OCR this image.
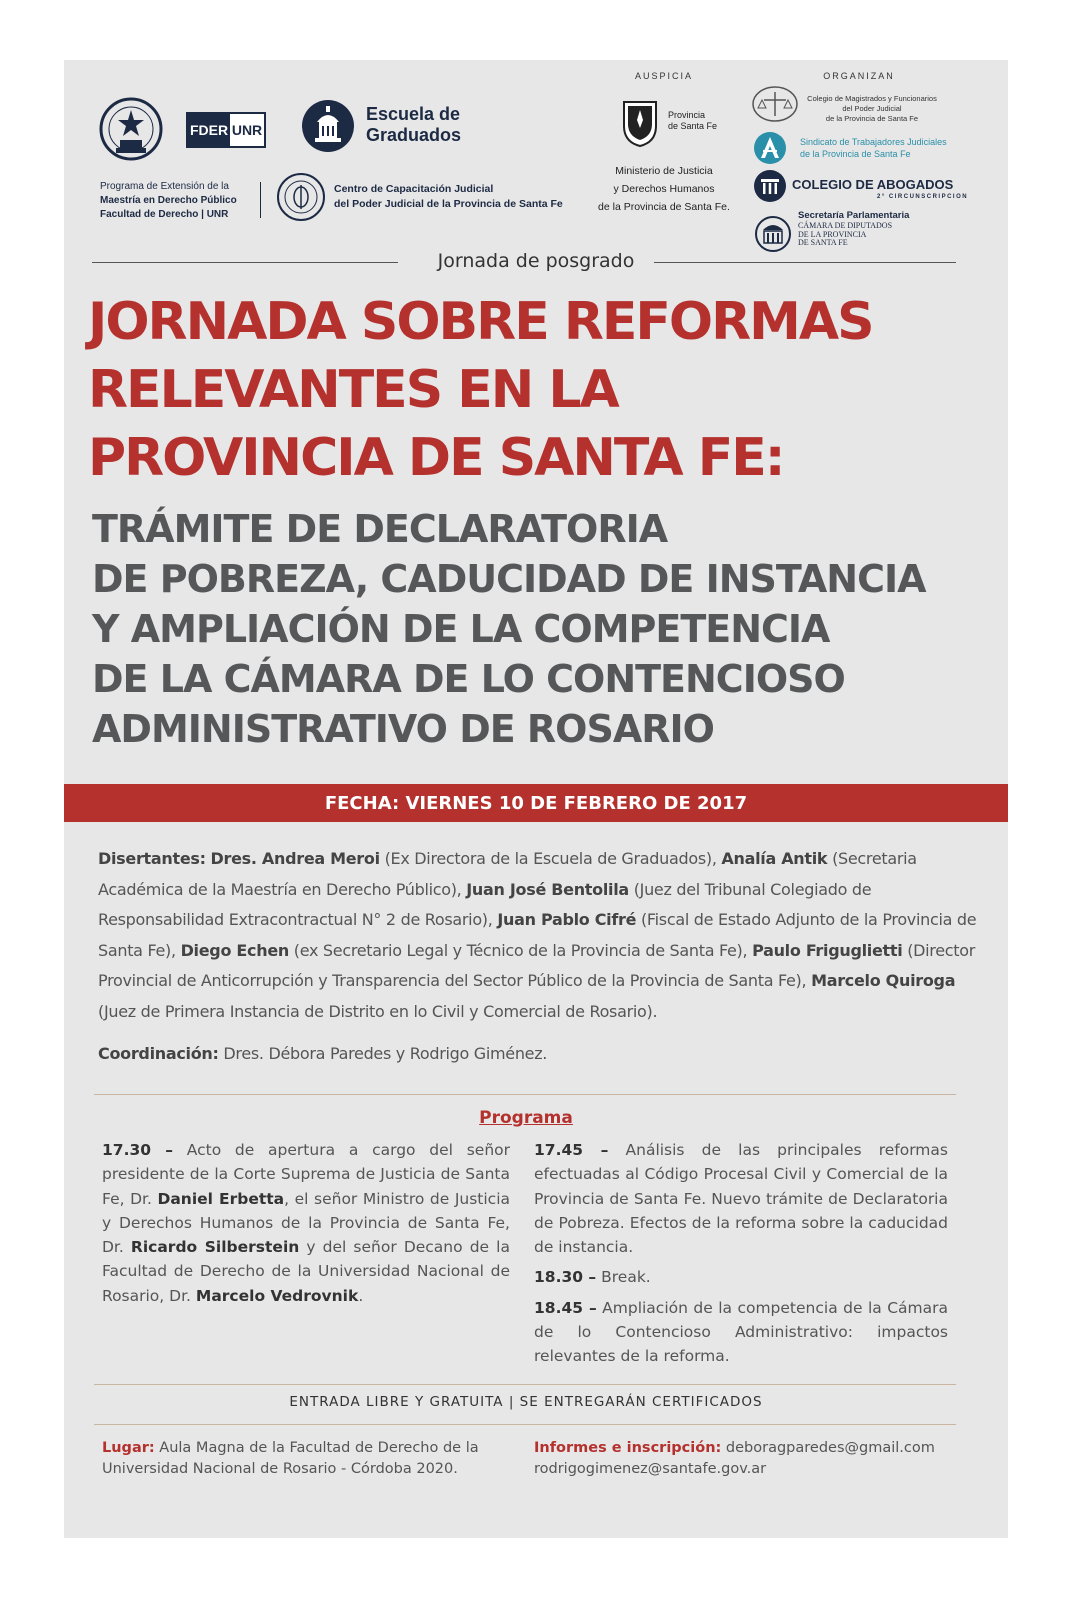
FDER UNR
Escuela de
Graduados
Programa de Extensión de la
Maestría en Derecho Público
Facultad de Derecho | UNR
Centro de Capacitación Judicial
del Poder Judicial de la Provincia de Santa Fe
AUSPICIA
Provincia
de Santa Fe
Ministerio de Justicia
y Derechos Humanos
de la Provincia de Santa Fe.
ORGANIZAN
Colegio de Magistrados y Funcionarios
del Poder Judicial
de la Provincia de Santa Fe
Sindicato de Trabajadores Judiciales
de la Provincia de Santa Fe
COLEGIO DE ABOGADOS
2° CIRCUNSCRIPCION
Secretaría Parlamentaria
CÁMARA DE DIPUTADOS
DE LA PROVINCIA
DE SANTA FE
Jornada de posgrado
JORNADA SOBRE REFORMAS
RELEVANTES EN LA
PROVINCIA DE SANTA FE:
TRÁMITE DE DECLARATORIA
DE POBREZA, CADUCIDAD DE INSTANCIA
Y AMPLIACIÓN DE LA COMPETENCIA
DE LA CÁMARA DE LO CONTENCIOSO
ADMINISTRATIVO DE ROSARIO
FECHA: VIERNES 10 DE FEBRERO DE 2017
Disertantes: Dres. Andrea Meroi (Ex Directora de la Escuela de Graduados), Analía Antik (Secretaria Académica de la Maestría en Derecho Público), Juan José Bentolila (Juez del Tribunal Colegiado de Responsabilidad Extracontractual N° 2 de Rosario), Juan Pablo Cifré (Fiscal de Estado Adjunto de la Provincia de Santa Fe), Diego Echen (ex Secretario Legal y Técnico de la Provincia de Santa Fe), Paulo Friguglietti (Director Provincial de Anticorrupción y Transparencia del Sector Público de la Provincia de Santa Fe), Marcelo Quiroga (Juez de Primera Instancia de Distrito en lo Civil y Comercial de Rosario).
Coordinación: Dres. Débora Paredes y Rodrigo Giménez.
Programa

17.30 – Acto de apertura a cargo del señor presidente de la Corte Suprema de Justicia de Santa Fe, Dr. Daniel Erbetta, el señor Ministro de Justicia y Derechos Humanos de la Provincia de Santa Fe, Dr. Ricardo Silberstein y del señor Decano de la Facultad de Derecho de la Universidad Nacional de Rosario, Dr. Marcelo Vedrovnik.

17.45 – Análisis de las principales reformas efectuadas al Código Procesal Civil y Comercial de la Provincia de Santa Fe. Nuevo trámite de Declaratoria de Pobreza. Efectos de la reforma sobre la caducidad de instancia.

18.30 – Break.

18.45 – Ampliación de la competencia de la Cámara de lo Contencioso Administrativo: impactos relevantes de la reforma.

ENTRADA LIBRE Y GRATUITA | SE ENTREGARÁN CERTIFICADOS
Lugar: Aula Magna de la Facultad de Derecho de la Universidad Nacional de Rosario - Córdoba 2020.
Informes e inscripción: deboragparedes@gmail.com
rodrigogimenez@santafe.gov.ar
